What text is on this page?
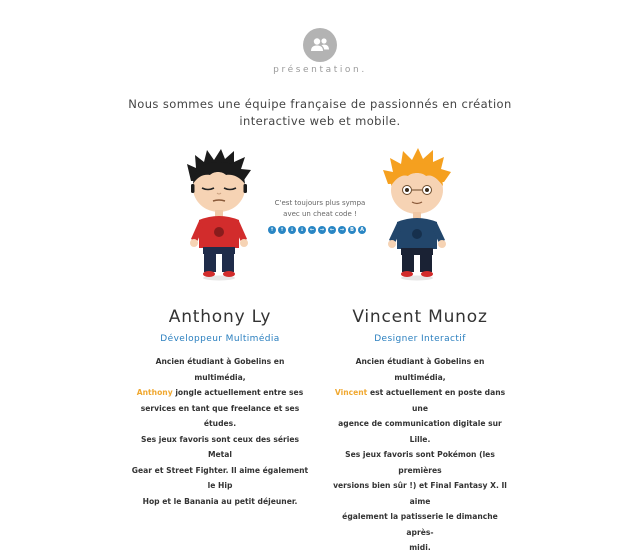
présentation.
Nous sommes une équipe française de passionnés en création
interactive web et mobile.
C'est toujours plus sympa
avec un cheat code !
↑	↑	↓	↓	←	→	←	→	B	A
Anthony Ly
Développeur Multimédia
Ancien étudiant à Gobelins en multimédia,
Anthony jongle actuellement entre ses
services en tant que freelance et ses études.
Ses jeux favoris sont ceux des séries Metal
Gear et Street Fighter. Il aime également le Hip
Hop et le Banania au petit déjeuner.
Vincent Munoz
Designer Interactif
Ancien étudiant à Gobelins en multimédia,
Vincent est actuellement en poste dans une
agence de communication digitale sur Lille.
Ses jeux favoris sont Pokémon (les premières
versions bien sûr !) et Final Fantasy X. Il aime
également la patisserie le dimanche après-
midi.
